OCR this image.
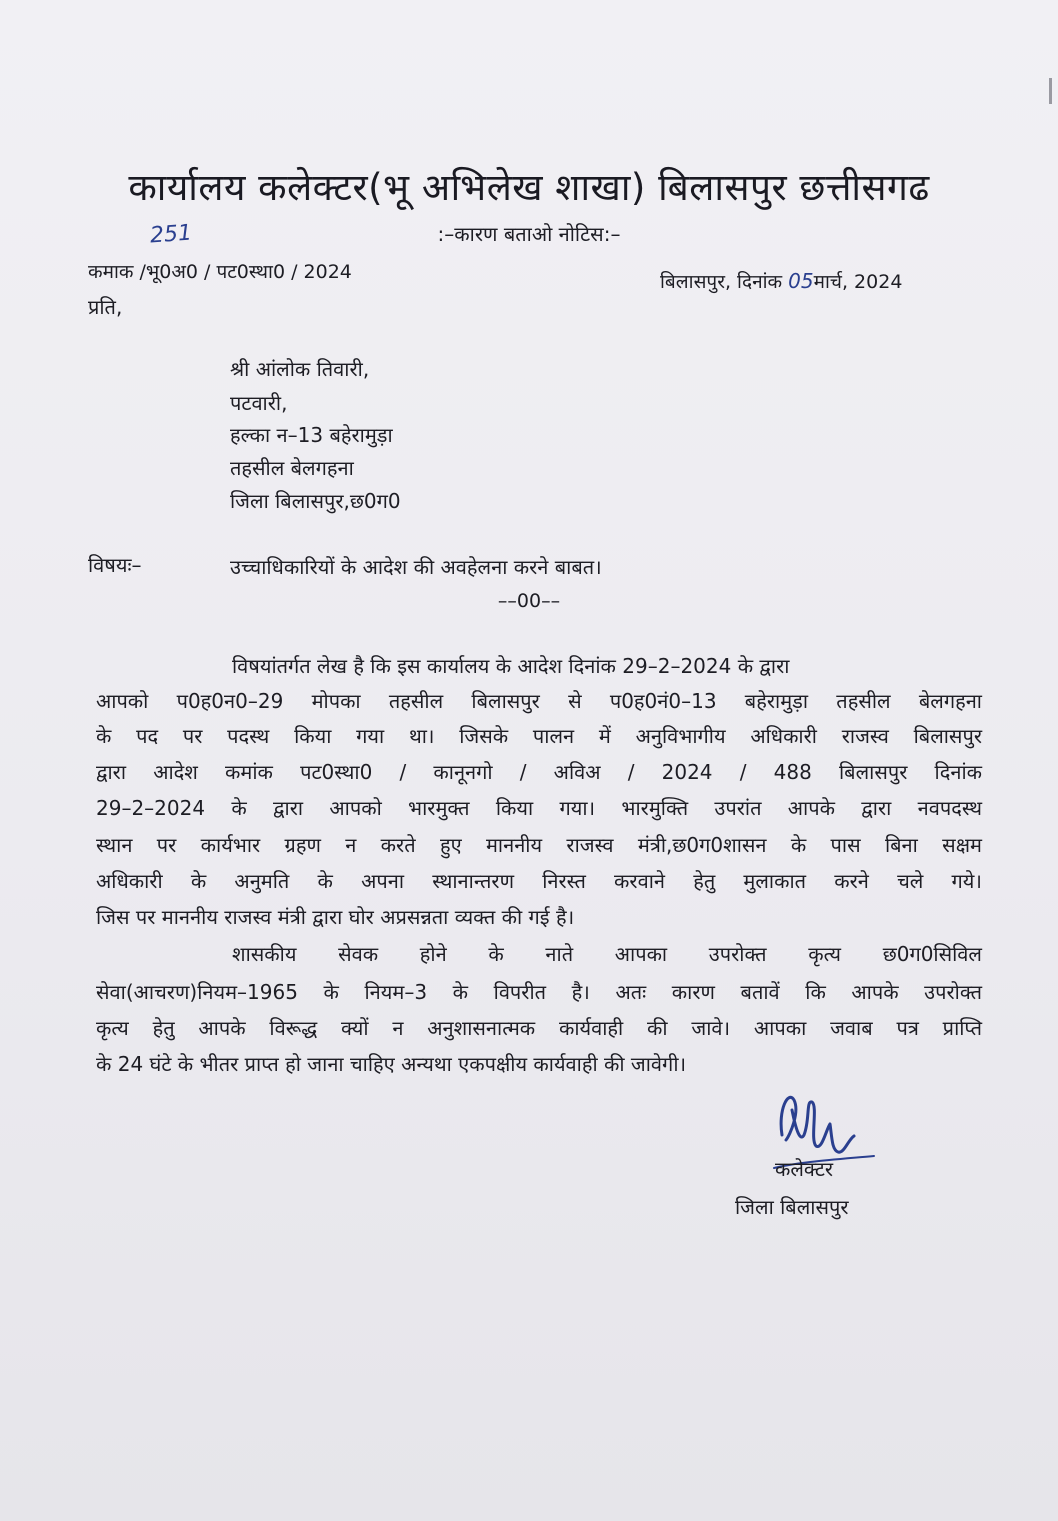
कार्यालय कलेक्टर(भू अभिलेख शाखा) बिलासपुर छत्तीसगढ
:–कारण बताओ नोटिस:–
251
कमाक /भू0अ0 / पट0स्था0 / 2024	बिलासपुर, दिनांक 05मार्च, 2024
प्रति,
श्री आंलोक तिवारी,
पटवारी,
हल्का न–13 बहेरामुड़ा
तहसील बेलगहना
जिला बिलासपुर,छ0ग0
विषयः–	उच्चाधिकारियों के आदेश की अवहेलना करने बाबत।
––00––
विषयांतर्गत लेख है कि इस कार्यालय के आदेश दिनांक 29–2–2024 के द्वारा
आपको प0ह0न0–29 मोपका तहसील बिलासपुर से प0ह0नं0–13 बहेरामुड़ा तहसील बेलगहना
के पद पर पदस्थ किया गया था। जिसके पालन में अनुविभागीय अधिकारी राजस्व बिलासपुर
द्वारा आदेश कमांक पट0स्था0 / कानूनगो / अविअ / 2024 / 488 बिलासपुर दिनांक
29–2–2024 के द्वारा आपको भारमुक्त किया गया। भारमुक्ति उपरांत आपके द्वारा नवपदस्थ
स्थान पर कार्यभार ग्रहण न करते हुए माननीय राजस्व मंत्री,छ0ग0शासन के पास बिना सक्षम
अधिकारी के अनुमति के अपना स्थानान्तरण निरस्त करवाने हेतु मुलाकात करने चले गये।
जिस पर माननीय राजस्व मंत्री द्वारा घोर अप्रसन्नता व्यक्त की गई है।
शासकीय सेवक होने के नाते आपका उपरोक्त कृत्य छ0ग0सिविल
सेवा(आचरण)नियम–1965 के नियम–3 के विपरीत है। अतः कारण बतावें कि आपके उपरोक्त
कृत्य हेतु आपके विरूद्ध क्यों न अनुशासनात्मक कार्यवाही की जावे। आपका जवाब पत्र प्राप्ति
के 24 घंटे के भीतर प्राप्त हो जाना चाहिए अन्यथा एकपक्षीय कार्यवाही की जावेगी।
कलेक्टर
जिला बिलासपुर
